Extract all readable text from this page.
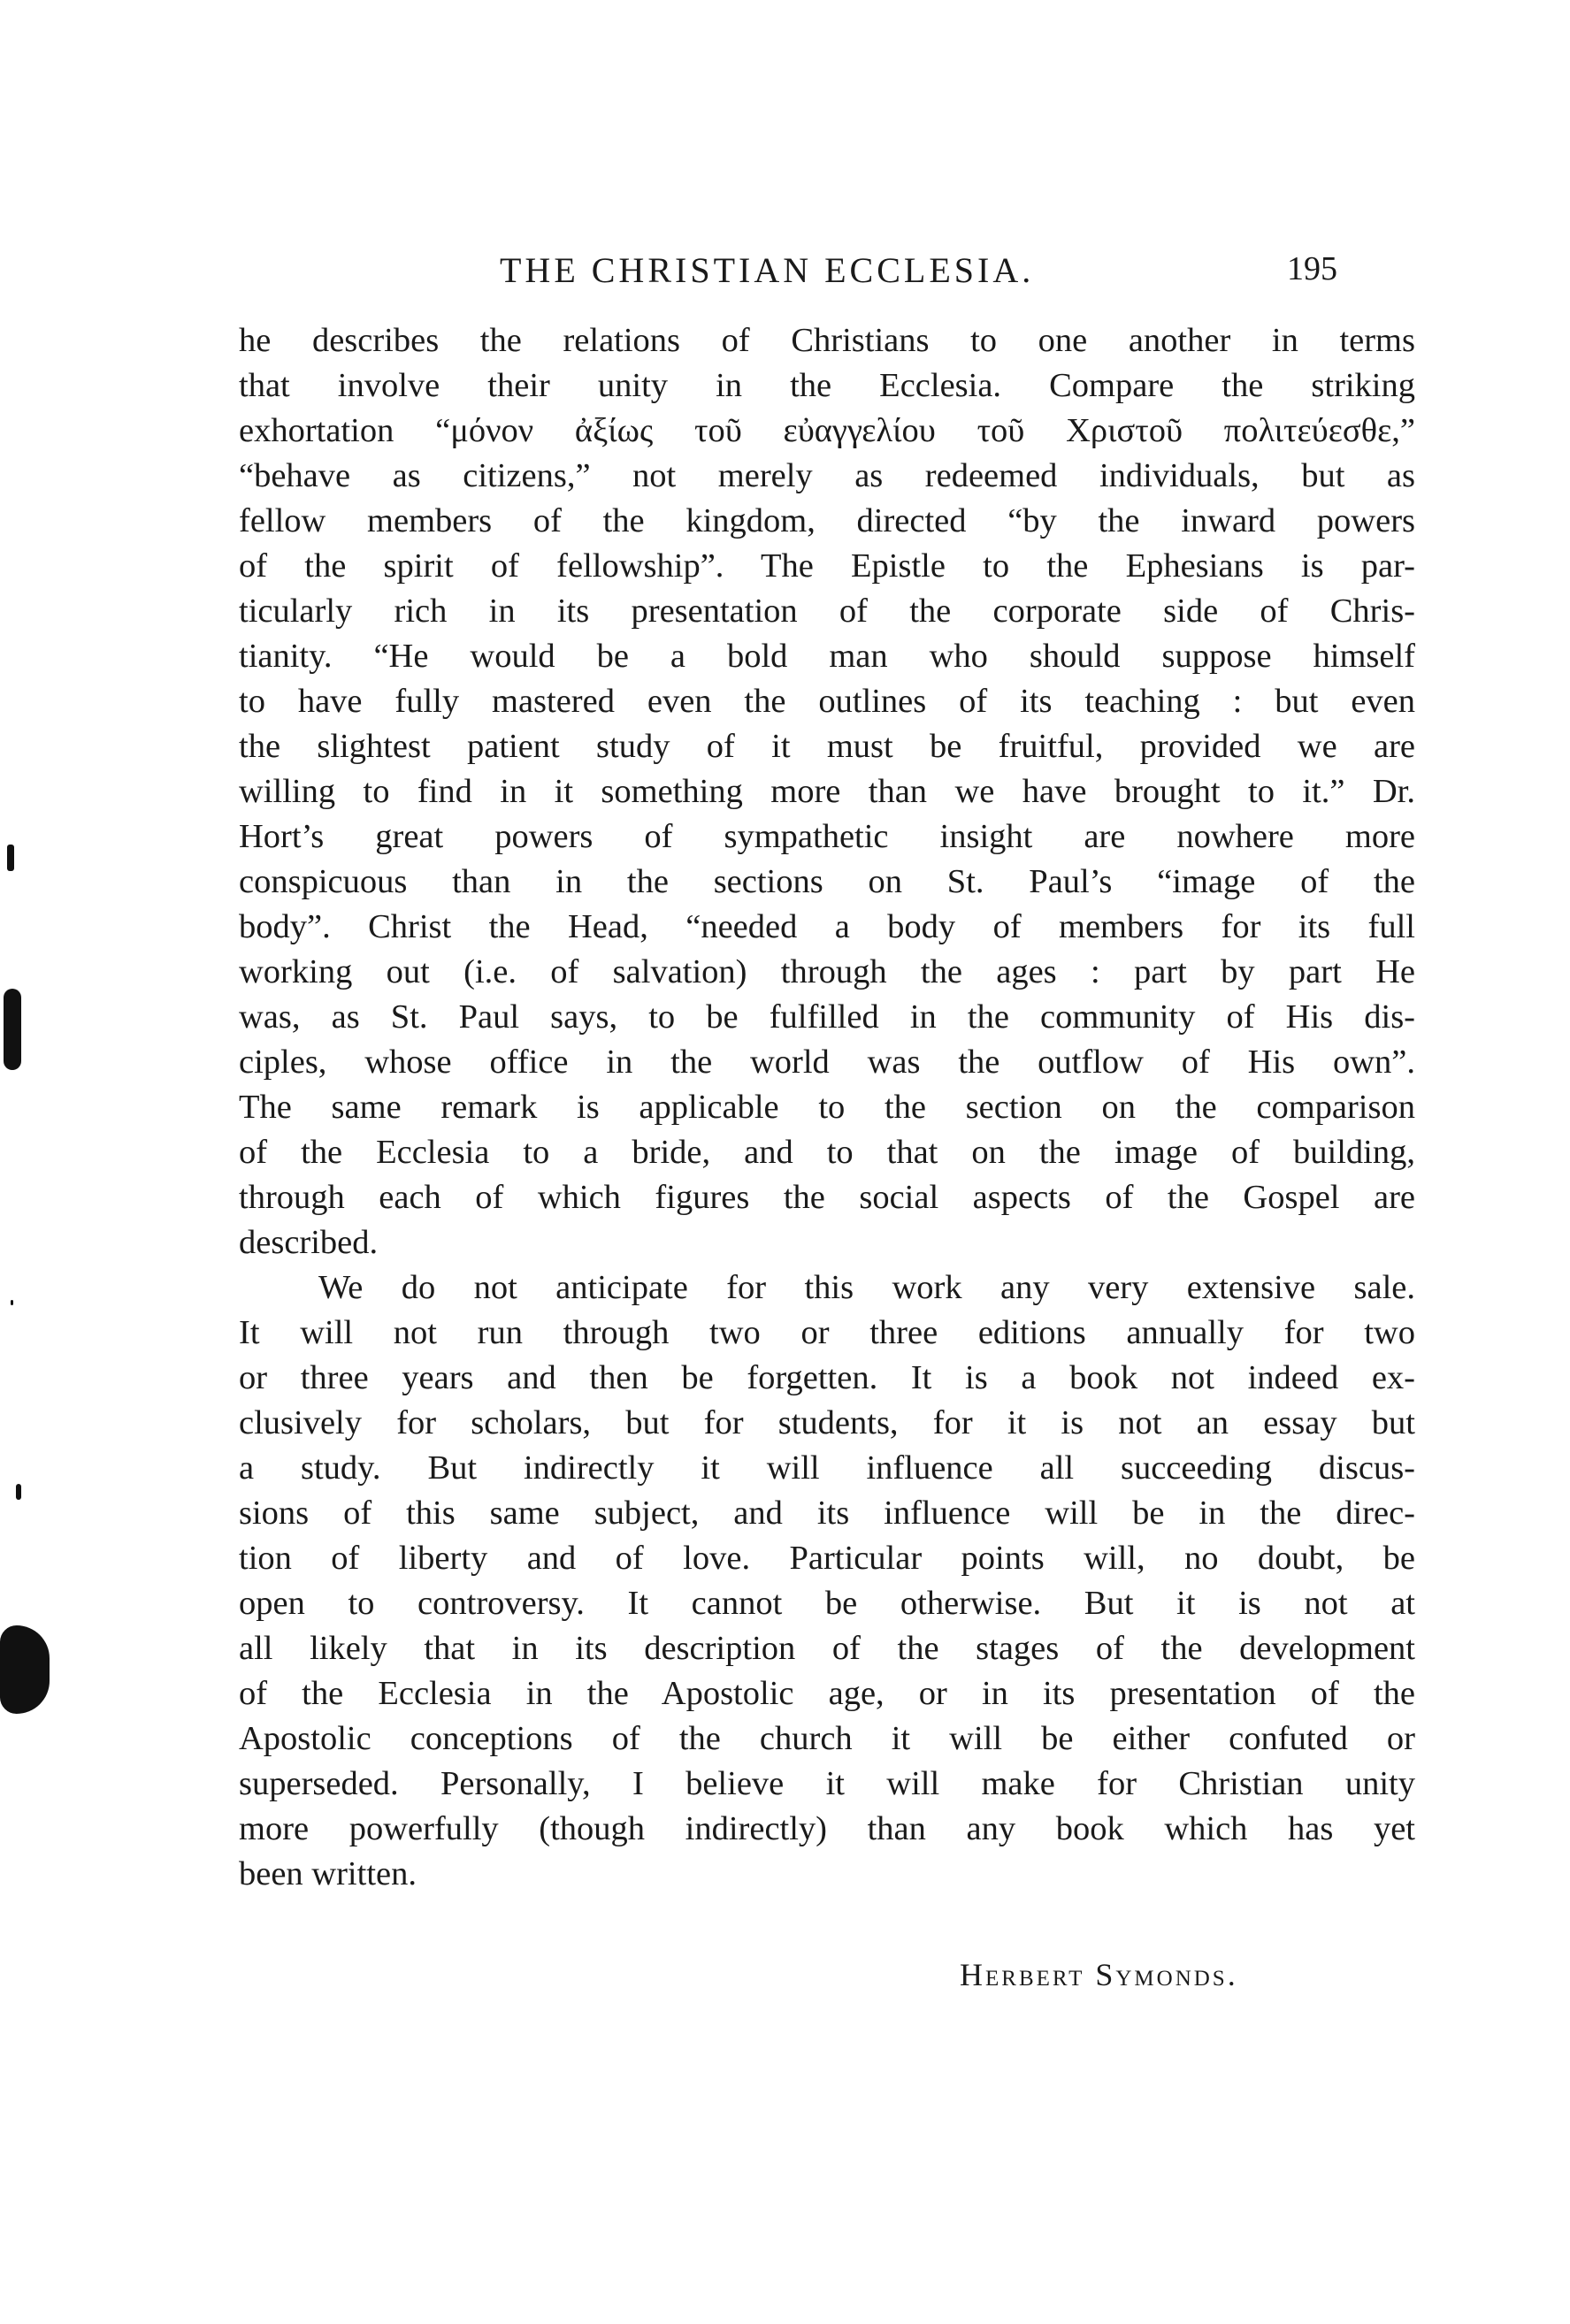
THE CHRISTIAN ECCLESIA.	195
he describes the relations of Christians to one another in terms
that involve their unity in the Ecclesia. Compare the striking
exhortation “μόνον ἀξίως τοῦ εὐαγγελίου τοῦ Χριστοῦ πολιτεύεσθε,”
“behave as citizens,” not merely as redeemed individuals, but as
fellow members of the kingdom, directed “by the inward powers
of the spirit of fellowship”. The Epistle to the Ephesians is par-
ticularly rich in its presentation of the corporate side of Chris-
tianity. “He would be a bold man who should suppose himself
to have fully mastered even the outlines of its teaching : but even
the slightest patient study of it must be fruitful, provided we are
willing to find in it something more than we have brought to it.” Dr.
Hort’s great powers of sympathetic insight are nowhere more
conspicuous than in the sections on St. Paul’s “image of the
body”. Christ the Head, “needed a body of members for its full
working out (i.e. of salvation) through the ages : part by part He
was, as St. Paul says, to be fulfilled in the community of His dis-
ciples, whose office in the world was the outflow of His own”.
The same remark is applicable to the section on the comparison
of the Ecclesia to a bride, and to that on the image of building,
through each of which figures the social aspects of the Gospel are
described.
We do not anticipate for this work any very extensive sale.
It will not run through two or three editions annually for two
or three years and then be forgetten. It is a book not indeed ex-
clusively for scholars, but for students, for it is not an essay but
a study. But indirectly it will influence all succeeding discus-
sions of this same subject, and its influence will be in the direc-
tion of liberty and of love. Particular points will, no doubt, be
open to controversy. It cannot be otherwise. But it is not at
all likely that in its description of the stages of the development
of the Ecclesia in the Apostolic age, or in its presentation of the
Apostolic conceptions of the church it will be either confuted or
superseded. Personally, I believe it will make for Christian unity
more powerfully (though indirectly) than any book which has yet
been written.
Herbert Symonds.
